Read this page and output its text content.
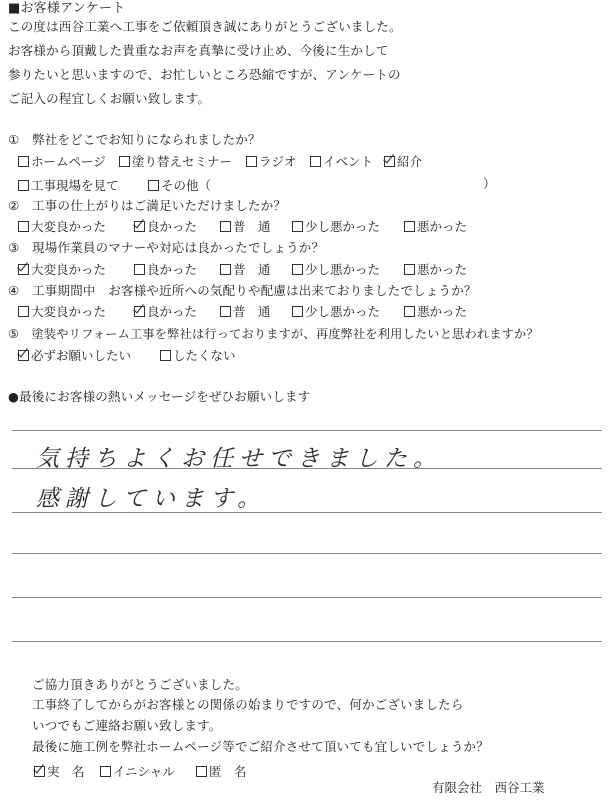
■お客様アンケート
この度は西谷工業へ工事をご依頼頂き誠にありがとうございました。
お客様から頂戴した貴重なお声を真摯に受け止め、今後に生かして
参りたいと思いますので、お忙しいところ恐縮ですが、アンケートの
ご記入の程宜しくお願い致します。
①　弊社をどこでお知りになられましたか？
ホームページ	塗り替えセミナー	ラジオ	イベント	紹介
工事現場を見て	その他（	）
②　工事の仕上がりはご満足いただけましたか？
大変良かった	良かった	普　通	少し悪かった	悪かった
③　現場作業員のマナーや対応は良かったでしょうか？
大変良かった	良かった	普　通	少し悪かった	悪かった
④　工事期間中　お客様や近所への気配りや配慮は出来ておりましたでしょうか？
大変良かった	良かった	普　通	少し悪かった	悪かった
⑤　塗装やリフォーム工事を弊社は行っておりますが、再度弊社を利用したいと思われますか？
必ずお願いしたい	したくない
●最後にお客様の熱いメッセージをぜひお願いします
気持ちよくお任せできました。
感謝しています。
ご協力頂きありがとうございました。
工事終了してからがお客様との関係の始まりですので、何かございましたら
いつでもご連絡お願い致します。
最後に施工例を弊社ホームページ等でご紹介させて頂いても宜しいでしょうか？
実　名	イニシャル	匿　名
有限会社　西谷工業
